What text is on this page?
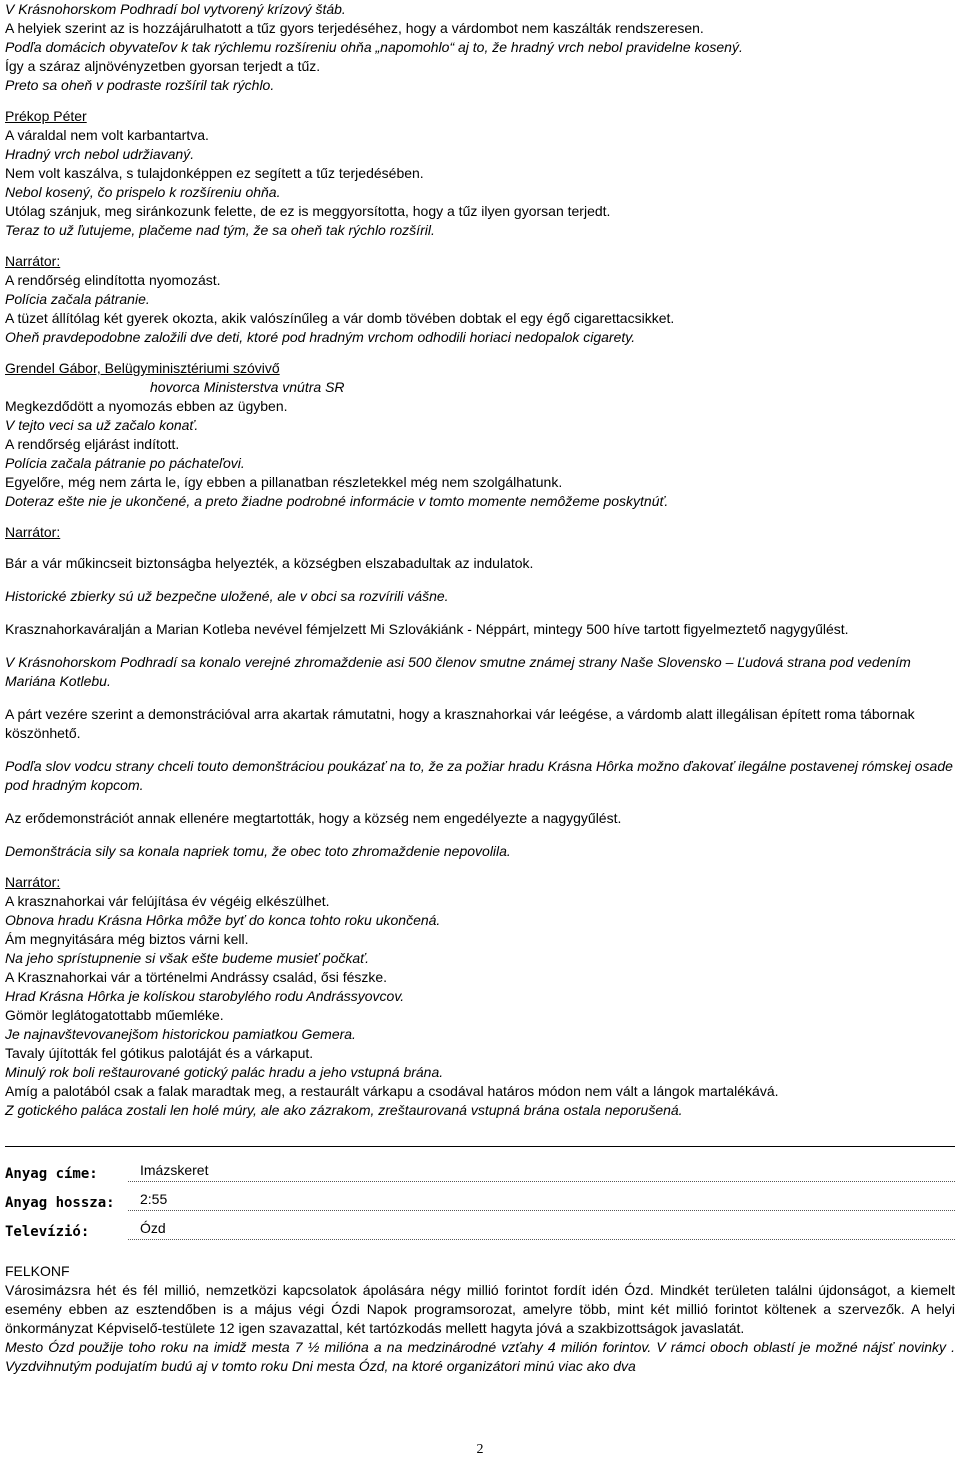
V Krásnohorskom Podhradí bol vytvorený krízový štáb.

A helyiek szerint az is hozzájárulhatott a tűz gyors terjedéséhez, hogy a várdombot nem kaszálták rendszeresen.

Podľa domácich obyvateľov k tak rýchlemu rozšíreniu ohňa „napomohlo“ aj to, že hradný vrch nebol pravidelne kosený.

Így a száraz aljnövényzetben gyorsan terjedt a tűz.

Preto sa oheň v podraste rozšíril tak rýchlo.

Prékop Péter

A váraldal nem volt karbantartva.

Hradný vrch nebol udržiavaný.

Nem volt kaszálva, s tulajdonképpen ez segített a tűz terjedésében.

Nebol kosený, čo prispelo k rozšíreniu ohňa.

Utólag szánjuk, meg siránkozunk felette, de ez is meggyorsította, hogy a tűz ilyen gyorsan terjedt.

Teraz to už ľutujeme, plačeme nad tým, že sa oheň tak rýchlo rozšíril.

Narrátor:

A rendőrség elindította nyomozást.

Polícia začala pátranie.

A tüzet állítólag két gyerek okozta, akik valószínűleg a vár domb tövében dobtak el egy égő cigarettacsikket.

Oheň pravdepodobne založili dve deti, ktoré pod hradným vrchom odhodili horiaci nedopalok cigarety.

Grendel Gábor, Belügyminisztériumi szóvivő

hovorca Ministerstva vnútra SR

Megkezdődött a nyomozás ebben az ügyben.

V tejto veci sa už začalo konať.

A rendőrség eljárást indított.

Polícia začala pátranie po páchateľovi.

Egyelőre, még nem zárta le, így ebben a pillanatban részletekkel még nem szolgálhatunk.

Doteraz ešte nie je ukončené, a preto žiadne podrobné informácie v tomto momente nemôžeme poskytnúť.

Narrátor:

Bár a vár műkincseit biztonságba helyezték, a községben elszabadultak az indulatok.

Historické zbierky sú už bezpečne uložené, ale v obci sa rozvírili vášne.

Krasznahorkaváralján a Marian Kotleba nevével fémjelzett Mi Szlovákiánk - Néppárt, mintegy 500 híve tartott figyelmeztető nagygyűlést.

V Krásnohorskom Podhradí sa konalo verejné zhromaždenie asi 500 členov smutne známej strany Naše Slovensko – Ľudová strana pod vedením Mariána Kotlebu.

A párt vezére szerint a demonstrációval arra akartak rámutatni, hogy a krasznahorkai vár leégése, a várdomb alatt illegálisan épített roma tábornak köszönhető.

Podľa slov vodcu strany chceli touto demonštráciou poukázať na to, že za požiar hradu Krásna Hôrka možno ďakovať ilegálne postavenej rómskej osade pod hradným kopcom.

Az erődemonstrációt annak ellenére megtartották, hogy a község nem engedélyezte a nagygyűlést.

Demonštrácia sily sa konala napriek tomu, že obec toto zhromaždenie nepovolila.

Narrátor:

A krasznahorkai vár felújítása év végéig elkészülhet.

Obnova hradu Krásna Hôrka môže byť do konca tohto roku ukončená.

Ám megnyitására még biztos várni kell.

Na jeho sprístupnenie si však ešte budeme musieť počkať.

A Krasznahorkai vár a történelmi Andrássy család, ősi fészke.

Hrad Krásna Hôrka je kolískou starobylého rodu Andrássyovcov.

Gömör leglátogatottabb műemléke.

Je najnavštevovanejšom historickou pamiatkou Gemera.

Tavaly újították fel gótikus palotáját és a várkaput.

Minulý rok boli reštaurované gotický palác hradu a jeho vstupná brána.

Amíg a palotából csak a falak maradtak meg, a restaurált várkapu a csodával határos módon nem vált a lángok martalékává.

Z gotického paláca zostali len holé múry, ale ako zázrakom, zreštaurovaná vstupná brána ostala neporušená.

Anyag címe:	Imázskeret
Anyag hossza:	2:55
Televízió:	Ózd

FELKONF

Városimázsra hét és fél millió, nemzetközi kapcsolatok ápolására négy millió forintot fordít idén Ózd. Mindkét területen találni újdonságot, a kiemelt esemény ebben az esztendőben is a május végi Ózdi Napok programsorozat, amelyre több, mint két millió forintot költenek a szervezők. A helyi önkormányzat Képviselő-testülete 12 igen szavazattal, két tartózkodás mellett hagyta jóvá a szakbizottságok javaslatát.

Mesto Ózd použije toho roku na imidž mesta 7 ½ milióna a na medzinárodné vzťahy 4 milión forintov. V rámci oboch oblastí je možné nájsť novinky . Vyzdvihnutým podujatím budú aj v tomto roku Dni mesta Ózd, na ktoré organizátori minú viac ako dva

2
